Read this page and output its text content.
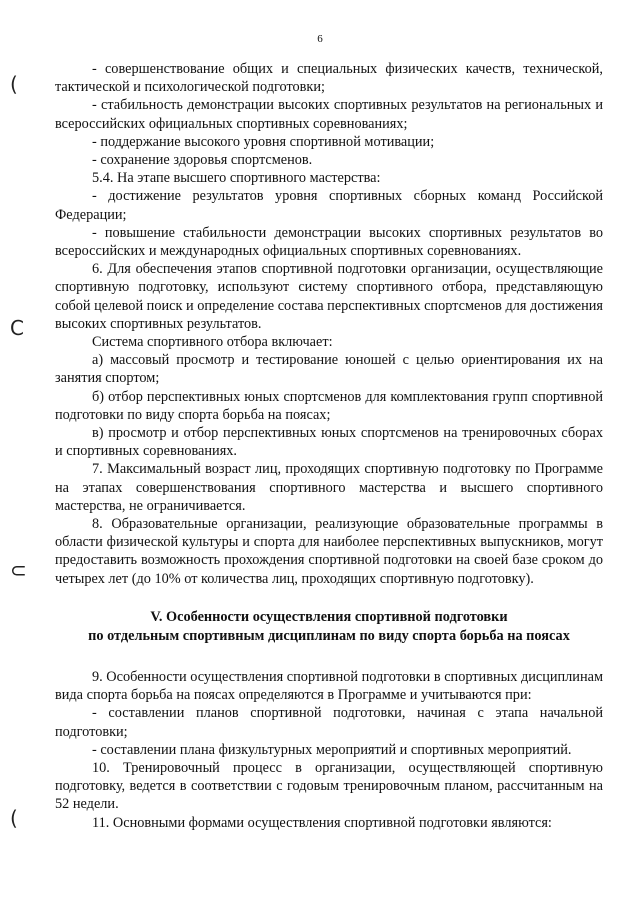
6
(
C
⊂
(

- совершенствование общих и специальных физических качеств, технической, тактической и психологической подготовки;

- стабильность демонстрации высоких спортивных результатов на региональных и всероссийских официальных спортивных соревнованиях;

- поддержание высокого уровня спортивной мотивации;

- сохранение здоровья спортсменов.

5.4. На этапе высшего спортивного мастерства:

- достижение результатов уровня спортивных сборных команд Российской Федерации;

- повышение стабильности демонстрации высоких спортивных результатов во всероссийских и международных официальных спортивных соревнованиях.

6. Для обеспечения этапов спортивной подготовки организации, осуществляющие спортивную подготовку, используют систему спортивного отбора, представляющую собой целевой поиск и определение состава перспективных спортсменов для достижения высоких спортивных результатов.

Система спортивного отбора включает:

а) массовый просмотр и тестирование юношей с целью ориентирования их на занятия спортом;

б) отбор перспективных юных спортсменов для комплектования групп спортивной подготовки по виду спорта борьба на поясах;

в) просмотр и отбор перспективных юных спортсменов на тренировочных сборах и спортивных соревнованиях.

7. Максимальный возраст лиц, проходящих спортивную подготовку по Программе на этапах совершенствования спортивного мастерства и высшего спортивного мастерства, не ограничивается.

8. Образовательные организации, реализующие образовательные программы в области физической культуры и спорта для наиболее перспективных выпускников, могут предоставить возможность прохождения спортивной подготовки на своей базе сроком до четырех лет (до 10% от количества лиц, проходящих спортивную подготовку).

V. Особенности осуществления спортивной подготовки
по отдельным спортивным дисциплинам по виду спорта борьба на поясах

9. Особенности осуществления спортивной подготовки в спортивных дисциплинам вида спорта борьба на поясах определяются в Программе и учитываются при:

- составлении планов спортивной подготовки, начиная с этапа начальной подготовки;

- составлении плана физкультурных мероприятий и спортивных мероприятий.

10. Тренировочный процесс в организации, осуществляющей спортивную подготовку, ведется в соответствии с годовым тренировочным планом, рассчитанным на 52 недели.

11. Основными формами осуществления спортивной подготовки являются:
